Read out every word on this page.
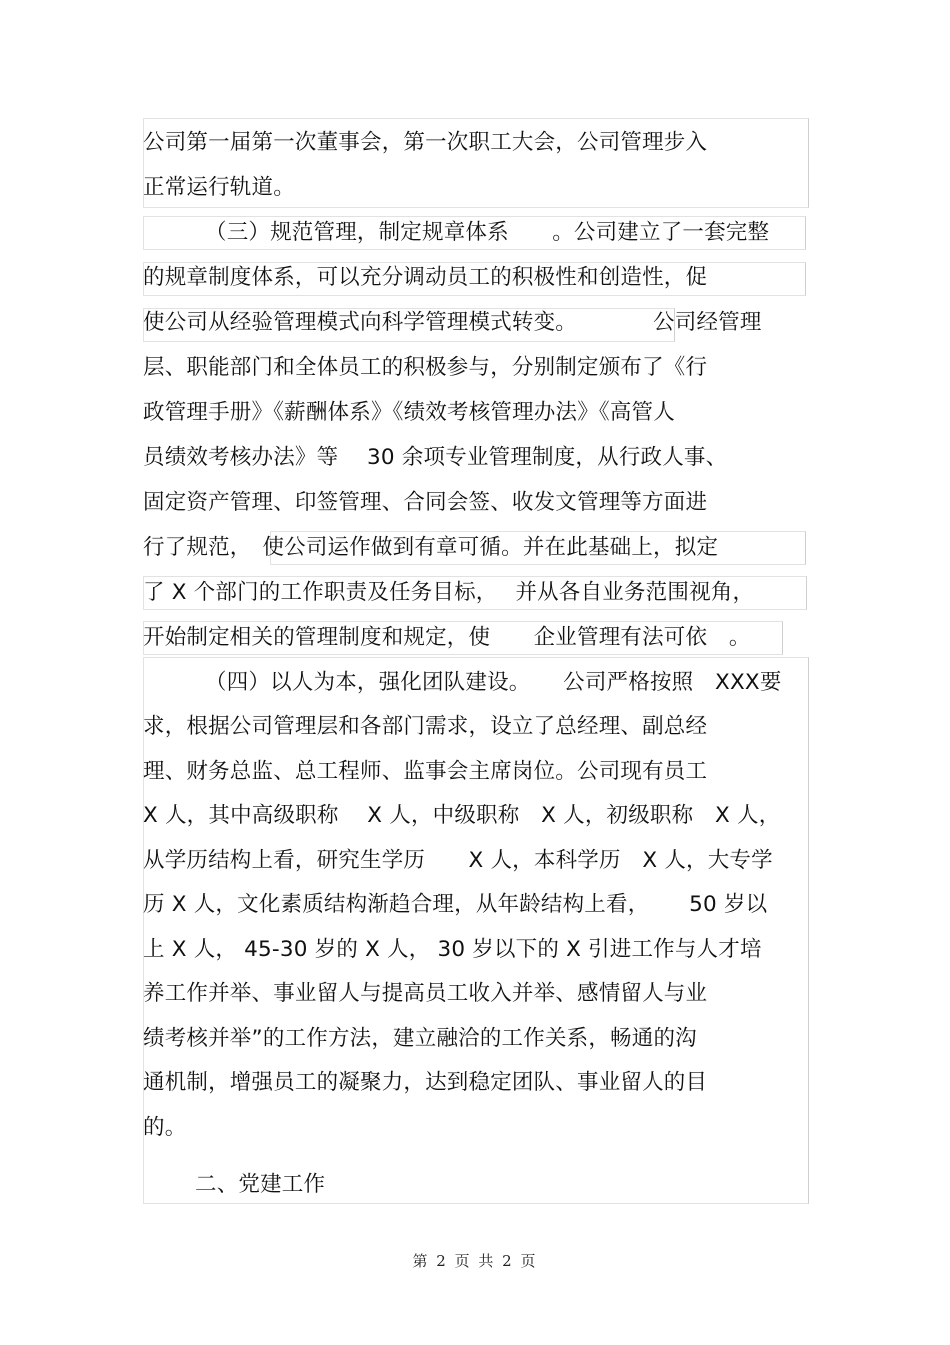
公司第一届第一次董事会，第一次职工大会，公司管理步入
正常运行轨道。
（三）规范管理，制定规章体系　　。公司建立了一套完整
的规章制度体系，可以充分调动员工的积极性和创造性，促
使公司从经验管理模式向科学管理模式转变。　　　　公司经管理
层、职能部门和全体员工的积极参与，分别制定颁布了《行
政管理手册》《薪酬体系》《绩效考核管理办法》《高管人
员绩效考核办法》等　 30 余项专业管理制度，从行政人事、
固定资产管理、印签管理、合同会签、收发文管理等方面进
行了规范，　使公司运作做到有章可循。并在此基础上，拟定
了 X 个部门的工作职责及任务目标，　 并从各自业务范围视角，
开始制定相关的管理制度和规定，使　　企业管理有法可依　。
（四）以人为本，强化团队建设。　　公司严格按照　XXX要
求，根据公司管理层和各部门需求，设立了总经理、副总经
理、财务总监、总工程师、监事会主席岗位。公司现有员工
X 人，其中高级职称　 X 人，中级职称　X 人，初级职称　X 人，
从学历结构上看，研究生学历　　X 人，本科学历　X 人，大专学
历 X 人，文化素质结构渐趋合理，从年龄结构上看，　　 50 岁以
上 X 人， 45-30 岁的 X 人， 30 岁以下的 X 引进工作与人才培
养工作并举、事业留人与提高员工收入并举、感情留人与业
绩考核并举”的工作方法，建立融洽的工作关系，畅通的沟
通机制，增强员工的凝聚力，达到稳定团队、事业留人的目
的。
二、党建工作
第 2 页 共 2 页
